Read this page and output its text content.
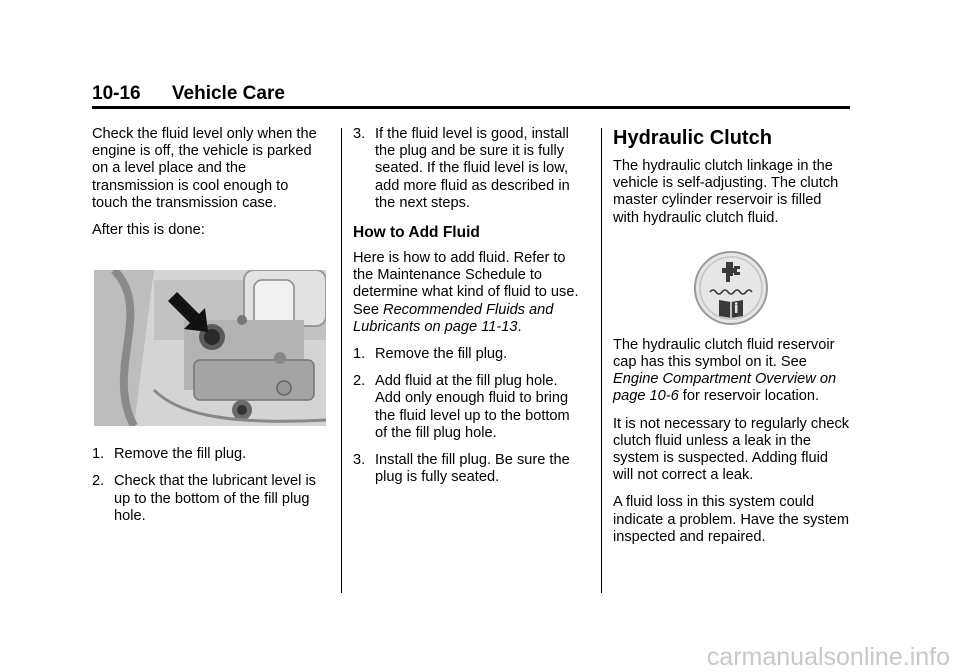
10-16 Vehicle Care

Check the fluid level only when the engine is off, the vehicle is parked on a level place and the transmission is cool enough to touch the transmission case.

After this is done:

1. Remove the fill plug.
2. Check that the lubricant level is up to the bottom of the fill plug hole.
3. If the fluid level is good, install the plug and be sure it is fully seated. If the fluid level is low, add more fluid as described in the next steps.
How to Add Fluid

Here is how to add fluid. Refer to the Maintenance Schedule to determine what kind of fluid to use. See Recommended Fluids and Lubricants on page 11-13.

1. Remove the fill plug.
2. Add fluid at the fill plug hole. Add only enough fluid to bring the fluid level up to the bottom of the fill plug hole.
3. Install the fill plug. Be sure the plug is fully seated.
Hydraulic Clutch

The hydraulic clutch linkage in the vehicle is self-adjusting. The clutch master cylinder reservoir is filled with hydraulic clutch fluid.

The hydraulic clutch fluid reservoir cap has this symbol on it. See Engine Compartment Overview on page 10-6 for reservoir location.

It is not necessary to regularly check clutch fluid unless a leak in the system is suspected. Adding fluid will not correct a leak.

A fluid loss in this system could indicate a problem. Have the system inspected and repaired.

carmanualsonline.info
